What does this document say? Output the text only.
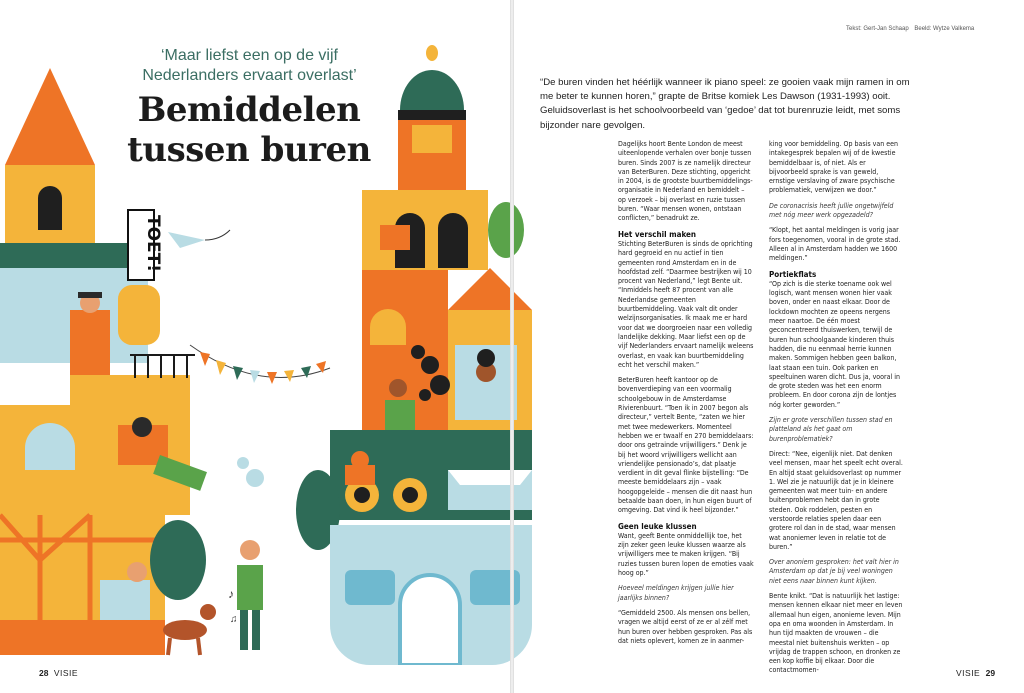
TOET!
♪
♫
‘Maar liefst een op de vijf Nederlanders ervaart overlast’
Bemiddelen
tussen buren
Tekst: Gert-Jan Schaap Beeld: Wytze Valkema
“De buren vinden het héérlijk wanneer ik piano speel: ze gooien vaak mijn ramen in om me beter te kunnen horen,” grapte de Britse komiek Les Dawson (1931-1993) ooit. Geluidsoverlast is het schoolvoorbeeld van ‘gedoe’ dat tot burenruzie leidt, met soms bijzonder nare gevolgen.

Dagelijks hoort Bente London de meest uiteenlopende verhalen over bonje tussen buren. Sinds 2007 is ze namelijk directeur van BeterBuren. Deze stichting, opgericht in 2004, is de grootste buurtbemiddelings-organisatie in Nederland en bemiddelt – op verzoek – bij overlast en ruzie tussen buren. “Waar mensen wonen, ontstaan conflicten,” benadrukt ze.

Het verschil maken

Stichting BeterBuren is sinds de oprichting hard gegroeid en nu actief in tien gemeenten rond Amsterdam en in de hoofdstad zelf. “Daarmee bestrijken wij 10 procent van Nederland,” legt Bente uit. “Inmiddels heeft 87 procent van alle Nederlandse gemeenten buurtbemiddeling. Vaak valt dit onder welzijnsorganisaties. Ik maak me er hard voor dat we doorgroeien naar een volledig landelijke dekking. Maar liefst een op de vijf Nederlanders ervaart namelijk weleens overlast, en vaak kan buurtbemiddeling echt het verschil maken.”

BeterBuren heeft kantoor op de bovenverdieping van een voormalig schoolgebouw in de Amsterdamse Rivierenbuurt. “Toen ik in 2007 begon als directeur,” vertelt Bente, “zaten we hier met twee medewerkers. Momenteel hebben we er twaalf en 270 bemiddelaars: door ons getrainde vrijwilligers.” Denk je bij het woord vrijwilligers wellicht aan vriendelijke pensionado’s, dat plaatje verdient in dit geval flinke bijstelling: “De meeste bemiddelaars zijn – vaak hoogopgeleide – mensen die dit naast hun betaalde baan doen, in hun eigen buurt of omgeving. Dat vind ik heel bijzonder.”

Geen leuke klussen

Want, geeft Bente onmiddellijk toe, het zijn zeker geen leuke klussen waarze als vrijwilligers mee te maken krijgen. “Bij ruzies tussen buren lopen de emoties vaak hoog op.”

Hoeveel meldingen krijgen jullie hier jaarlijks binnen?

“Gemiddeld 2500. Als mensen ons bellen, vragen we altijd eerst of ze er al zélf met hun buren over hebben gesproken. Pas als dat niets oplevert, komen ze in aanmer-

king voor bemiddeling. Op basis van een intakegesprek bepalen wij of de kwestie bemiddelbaar is, of niet. Als er bijvoorbeeld sprake is van geweld, ernstige verslaving of zware psychische problematiek, verwijzen we door.”

De coronacrisis heeft jullie ongetwijfeld met nóg meer werk opgezadeld?

“Klopt, het aantal meldingen is vorig jaar fors toegenomen, vooral in de grote stad. Alleen al in Amsterdam hadden we 1600 meldingen.”

Portiekflats

“Op zich is die sterke toename ook wel logisch, want mensen wonen hier vaak boven, onder en naast elkaar. Door de lockdown mochten ze opeens nergens meer naartoe. De één moest geconcentreerd thuiswerken, terwijl de buren hun schoolgaande kinderen thuis hadden, die nu eenmaal herrie kunnen maken. Sommigen hebben geen balkon, laat staan een tuin. Ook parken en speeltuinen waren dicht. Dus ja, vooral in de grote steden was het een enorm probleem. En door corona zijn de lontjes nóg korter geworden.”

Zijn er grote verschillen tussen stad en platteland als het gaat om burenproblematiek?

Direct: “Nee, eigenlijk niet. Dat denken veel mensen, maar het speelt echt overal. En altijd staat geluidsoverlast op nummer 1. Wel zie je natuurlijk dat je in kleinere gemeenten wat meer tuin- en andere buitenproblemen hebt dan in grote steden. Ook roddelen, pesten en verstoorde relaties spelen daar een grotere rol dan in de stad, waar mensen wat anoniemer leven in relatie tot de buren.”

Over anoniem gesproken: het valt hier in Amsterdam op dat je bij veel woningen niet eens naar binnen kunt kijken.

Bente knikt. “Dat is natuurlijk het lastige: mensen kennen elkaar niet meer en leven allemaal hun eigen, anonieme leven. Mijn opa en oma woonden in Amsterdam. In hun tijd maakten de vrouwen – die meestal niet buitenshuis werkten – op vrijdag de trappen schoon, en dronken ze een kop koffie bij elkaar. Door die contactmomen-

28 VISIE	VISIE 29
